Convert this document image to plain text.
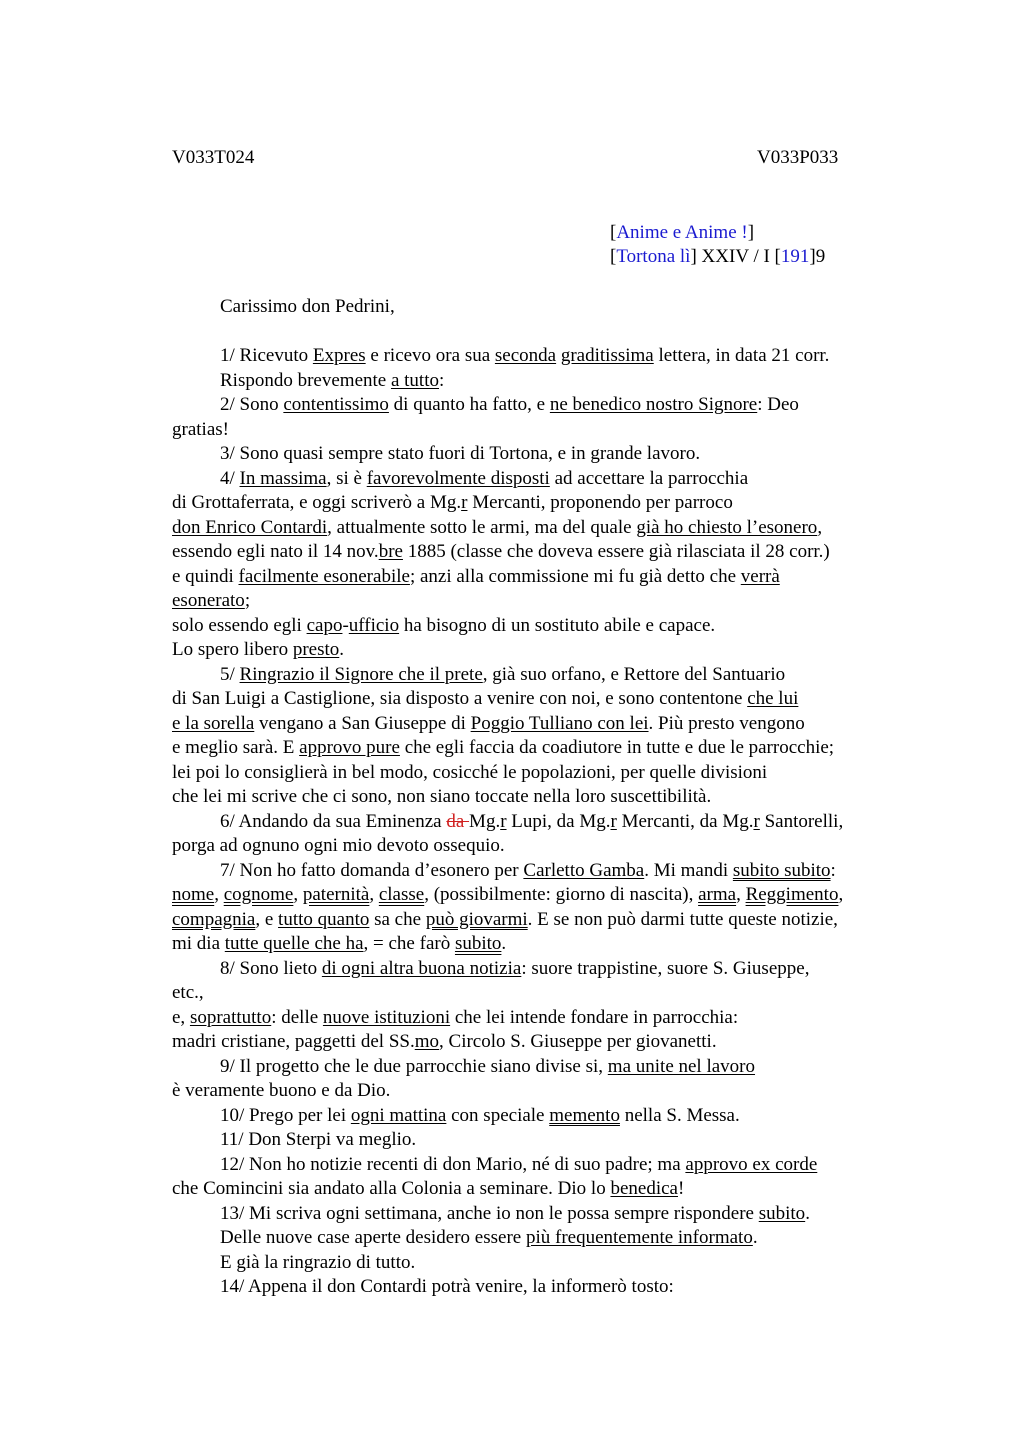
V033T024	V033P033
[Anime e Anime !]
[Tortona lì] XXIV / I [191]9
Carissimo don Pedrini,
1/ Ricevuto Expres e ricevo ora sua seconda graditissima lettera, in data 21 corr.
Rispondo brevemente a tutto:
2/ Sono contentissimo di quanto ha fatto, e ne benedico nostro Signore: Deo
gratias!
3/ Sono quasi sempre stato fuori di Tortona, e in grande lavoro.
4/ In massima, si è favorevolmente disposti ad accettare la parrocchia
di Grottaferrata, e oggi scriverò a Mg.r Mercanti, proponendo per parroco
don Enrico Contardi, attualmente sotto le armi, ma del quale già ho chiesto l’esonero,
essendo egli nato il 14 nov.bre 1885 (classe che doveva essere già rilasciata il 28 corr.)
e quindi facilmente esonerabile; anzi alla commissione mi fu già detto che verrà
esonerato;
solo essendo egli capo-ufficio ha bisogno di un sostituto abile e capace.
Lo spero libero presto.
5/ Ringrazio il Signore che il prete, già suo orfano, e Rettore del Santuario
di San Luigi a Castiglione, sia disposto a venire con noi, e sono contentone che lui
e la sorella vengano a San Giuseppe di Poggio Tulliano con lei. Più presto vengono
e meglio sarà. E approvo pure che egli faccia da coadiutore in tutte e due le parrocchie;
lei poi lo consiglierà in bel modo, cosicché le popolazioni, per quelle divisioni
che lei mi scrive che ci sono, non siano toccate nella loro suscettibilità.
6/ Andando da sua Eminenza da Mg.r Lupi, da Mg.r Mercanti, da Mg.r Santorelli,
porga ad ognuno ogni mio devoto ossequio.
7/ Non ho fatto domanda d’esonero per Carletto Gamba. Mi mandi subito subito:
nome, cognome, paternità, classe, (possibilmente: giorno di nascita), arma, Reggimento,
compagnia, e tutto quanto sa che può giovarmi. E se non può darmi tutte queste notizie,
mi dia tutte quelle che ha, = che farò subito.
8/ Sono lieto di ogni altra buona notizia: suore trappistine, suore S. Giuseppe,
etc.,
e, soprattutto: delle nuove istituzioni che lei intende fondare in parrocchia:
madri cristiane, paggetti del SS.mo, Circolo S. Giuseppe per giovanetti.
9/ Il progetto che le due parrocchie siano divise si, ma unite nel lavoro
è veramente buono e da Dio.
10/ Prego per lei ogni mattina con speciale memento nella S. Messa.
11/ Don Sterpi va meglio.
12/ Non ho notizie recenti di don Mario, né di suo padre; ma approvo ex corde
che Comincini sia andato alla Colonia a seminare. Dio lo benedica!
13/ Mi scriva ogni settimana, anche io non le possa sempre rispondere subito.
Delle nuove case aperte desidero essere più frequentemente informato.
E già la ringrazio di tutto.
14/ Appena il don Contardi potrà venire, la informerò tosto:
